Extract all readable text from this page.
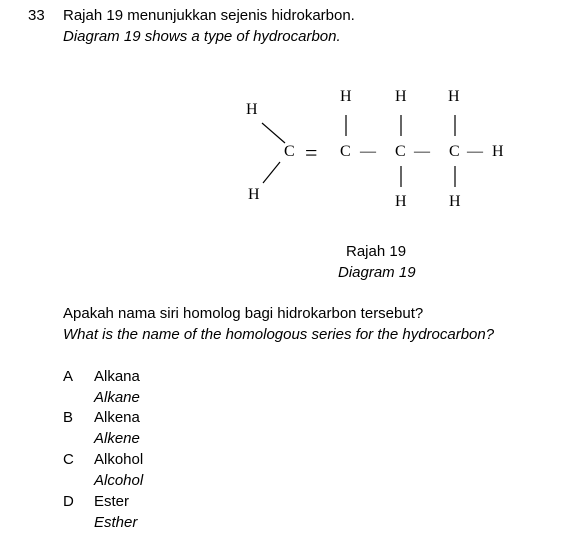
33 Rajah 19 menunjukkan sejenis hidrokarbon.
Diagram 19 shows a type of hydrocarbon.
H
H
H	H	H
C = C — C — C — H
H	H
Rajah 19
Diagram 19
Apakah nama siri homolog bagi hidrokarbon tersebut?
What is the name of the homologous series for the hydrocarbon?
A Alkana
Alkane
B Alkena
Alkene
C Alkohol
Alcohol
D Ester
Esther
